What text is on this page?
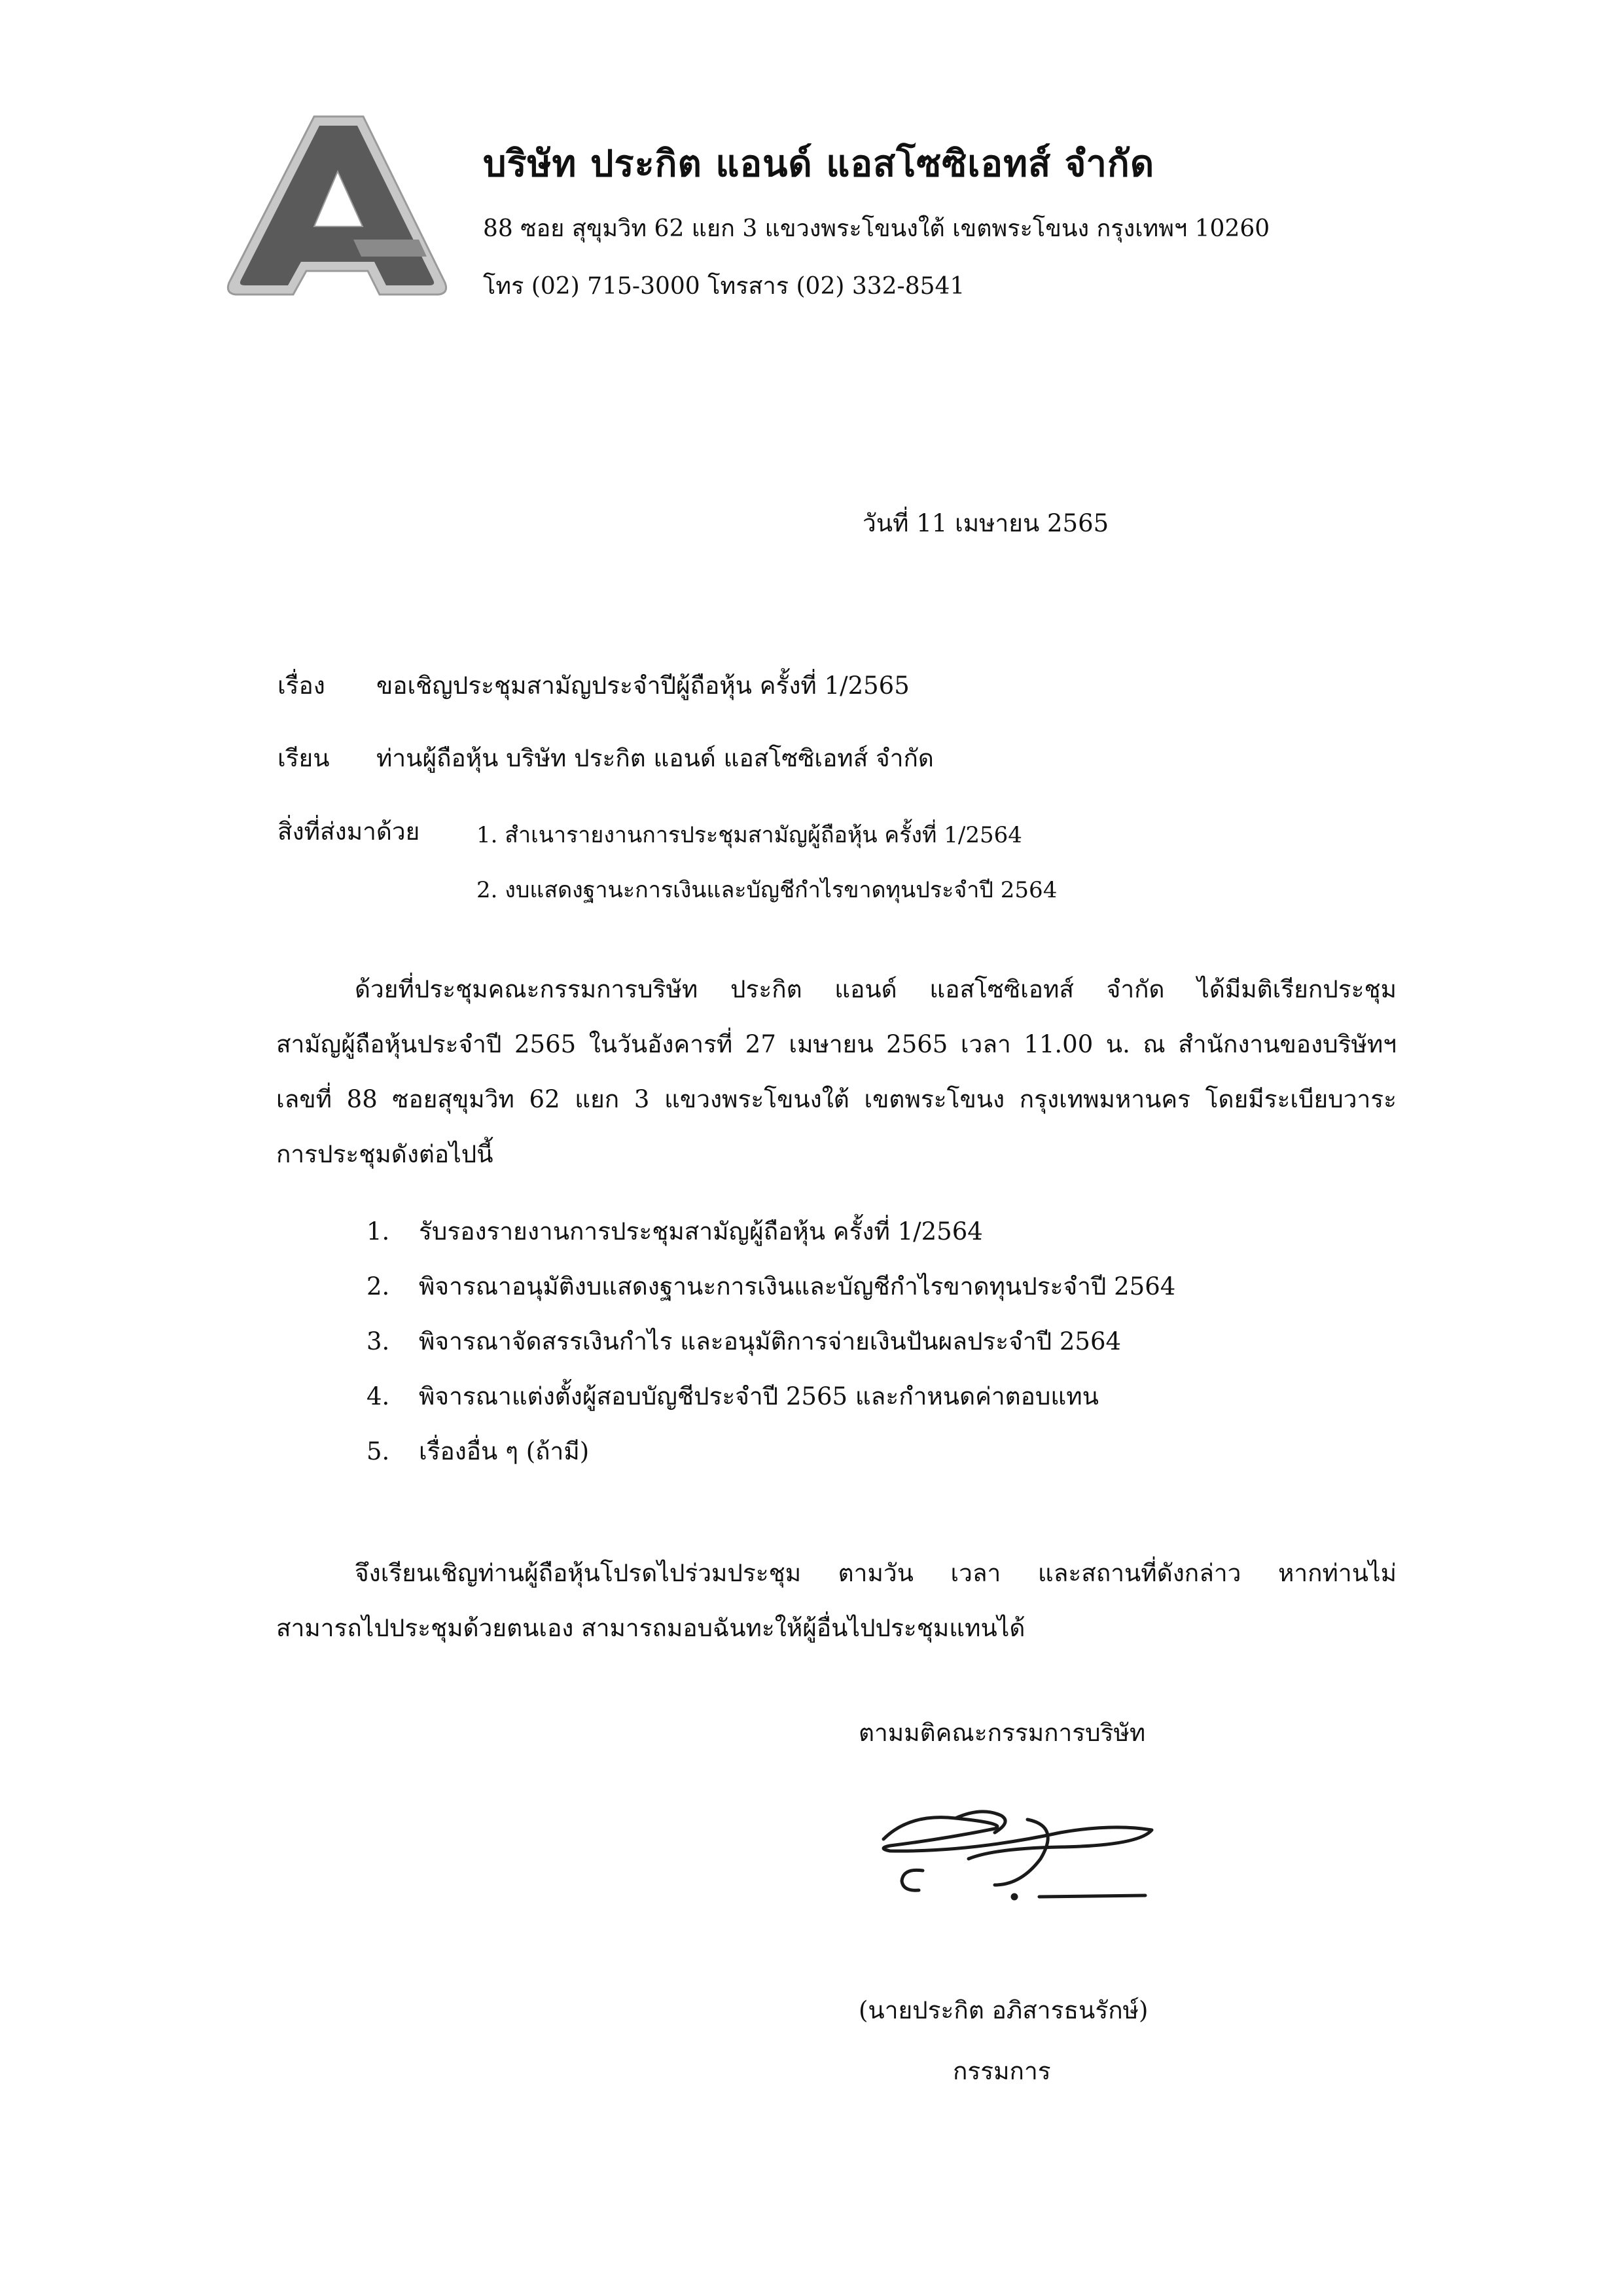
บริษัท ประกิต แอนด์ แอสโซซิเอทส์ จำกัด
88 ซอย สุขุมวิท 62 แยก 3 แขวงพระโขนงใต้ เขตพระโขนง กรุงเทพฯ 10260
โทร (02) 715-3000 โทรสาร (02) 332-8541
วันที่ 11 เมษายน 2565
เรื่อง ขอเชิญประชุมสามัญประจำปีผู้ถือหุ้น ครั้งที่ 1/2565
เรียน ท่านผู้ถือหุ้น บริษัท ประกิต แอนด์ แอสโซซิเอทส์ จำกัด
สิ่งที่ส่งมาด้วย	1. สำเนารายงานการประชุมสามัญผู้ถือหุ้น ครั้งที่ 1/2564
2. งบแสดงฐานะการเงินและบัญชีกำไรขาดทุนประจำปี 2564
ด้วยที่ประชุมคณะกรรมการบริษัท ประกิต แอนด์ แอสโซซิเอทส์ จำกัด ได้มีมติเรียกประชุม
สามัญผู้ถือหุ้นประจำปี 2565 ในวันอังคารที่ 27 เมษายน 2565 เวลา 11.00 น. ณ สำนักงานของบริษัทฯ
เลขที่ 88 ซอยสุขุมวิท 62 แยก 3 แขวงพระโขนงใต้ เขตพระโขนง กรุงเทพมหานคร โดยมีระเบียบวาระ
การประชุมดังต่อไปนี้
1. รับรองรายงานการประชุมสามัญผู้ถือหุ้น ครั้งที่ 1/2564
2. พิจารณาอนุมัติงบแสดงฐานะการเงินและบัญชีกำไรขาดทุนประจำปี 2564
3. พิจารณาจัดสรรเงินกำไร และอนุมัติการจ่ายเงินปันผลประจำปี 2564
4. พิจารณาแต่งตั้งผู้สอบบัญชีประจำปี 2565 และกำหนดค่าตอบแทน
5. เรื่องอื่น ๆ (ถ้ามี)
จึงเรียนเชิญท่านผู้ถือหุ้นโปรดไปร่วมประชุม ตามวัน เวลา และสถานที่ดังกล่าว หากท่านไม่
สามารถไปประชุมด้วยตนเอง สามารถมอบฉันทะให้ผู้อื่นไปประชุมแทนได้
ตามมติคณะกรรมการบริษัท
(นายประกิต อภิสารธนรักษ์)
กรรมการ
